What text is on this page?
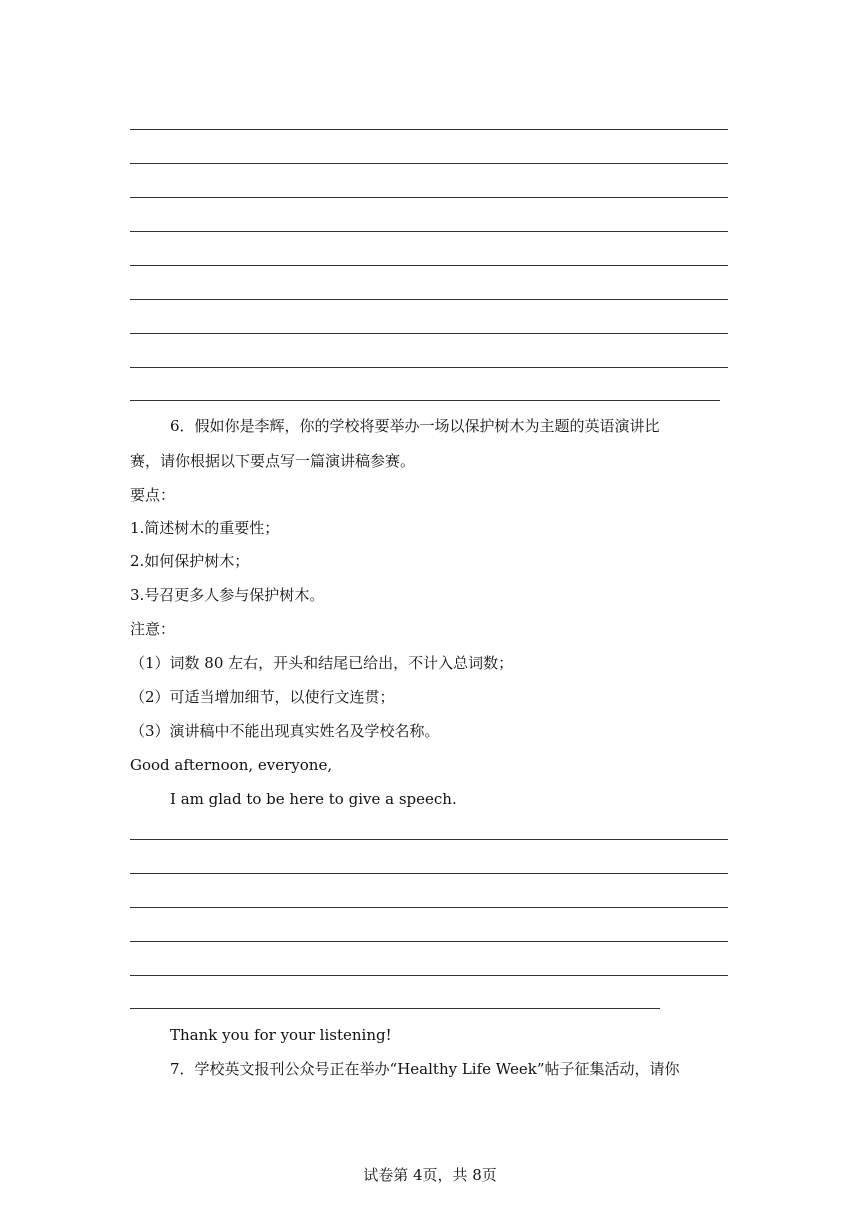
6．假如你是李辉，你的学校将要举办一场以保护树木为主题的英语演讲比
赛，请你根据以下要点写一篇演讲稿参赛。
要点：
1.简述树木的重要性；
2.如何保护树木；
3.号召更多人参与保护树木。
注意：
（1）词数 80 左右，开头和结尾已给出，不计入总词数；
（2）可适当增加细节，以使行文连贯；
（3）演讲稿中不能出现真实姓名及学校名称。
Good afternoon, everyone,
I am glad to be here to give a speech.
Thank you for your listening!
7．学校英文报刊公众号正在举办“Healthy Life Week”帖子征集活动，请你
试卷第 4页，共 8页
